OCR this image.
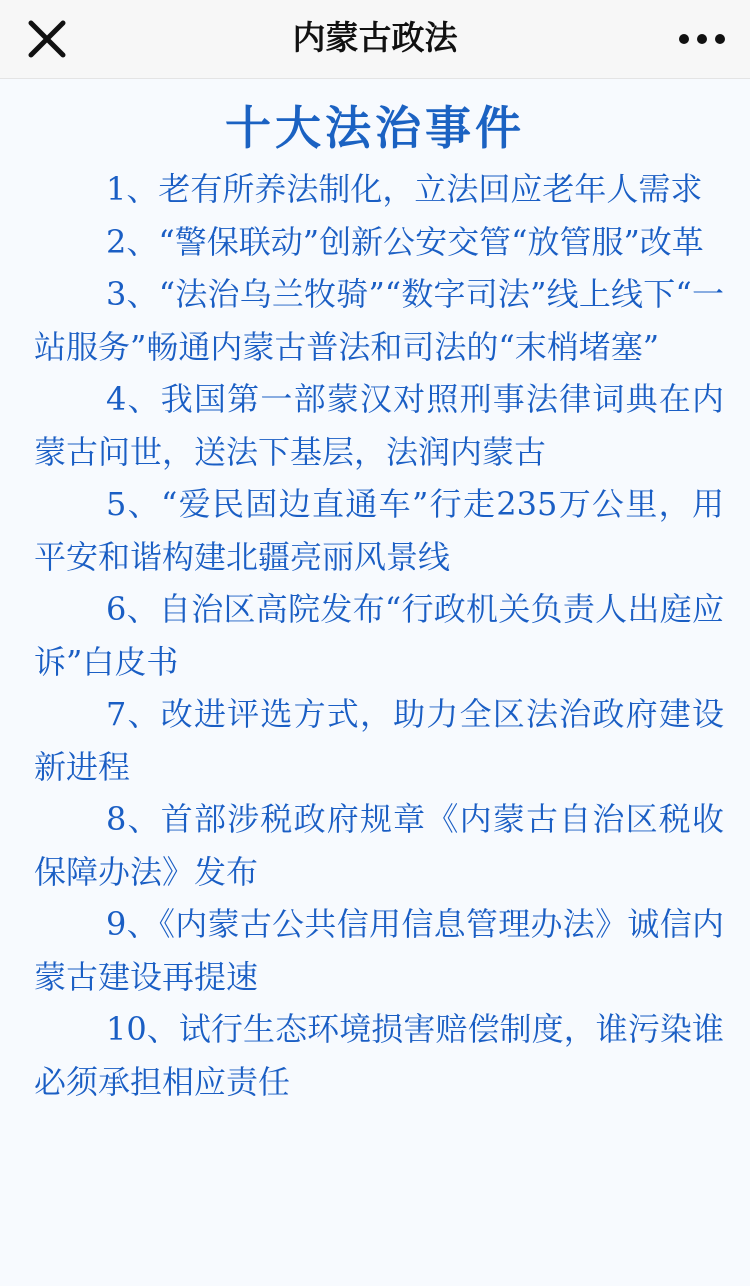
内蒙古政法
十大法治事件
1、老有所养法制化，立法回应老年人需求
2、“警保联动”创新公安交管“放管服”改革
3、“法治乌兰牧骑”“数字司法”线上线下“一站服务”畅通内蒙古普法和司法的“末梢堵塞”
4、我国第一部蒙汉对照刑事法律词典在内蒙古问世，送法下基层，法润内蒙古
5、“爱民固边直通车”行走235万公里，用平安和谐构建北疆亮丽风景线
6、自治区高院发布“行政机关负责人出庭应诉”白皮书
7、改进评选方式，助力全区法治政府建设新进程
8、首部涉税政府规章《内蒙古自治区税收保障办法》发布
9、《内蒙古公共信用信息管理办法》诚信内蒙古建设再提速
10、试行生态环境损害赔偿制度，谁污染谁必须承担相应责任
